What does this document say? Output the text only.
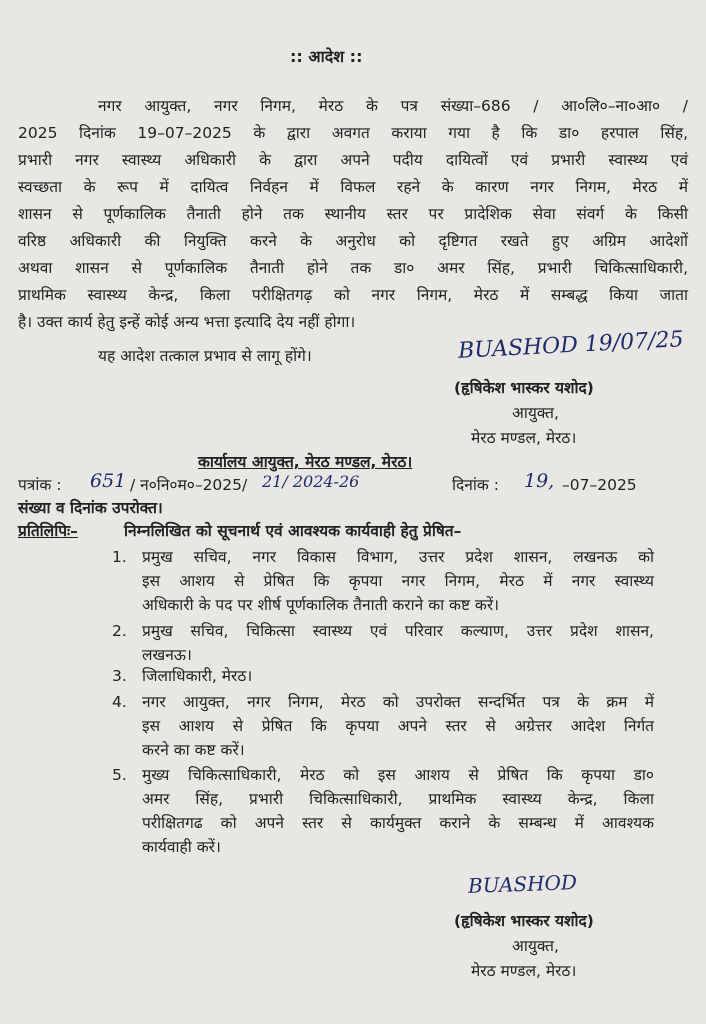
:: आदेश ::
नगर आयुक्त, नगर निगम, मेरठ के पत्र संख्या–686 / आ०लि०–ना०आ० /
2025 दिनांक 19–07–2025 के द्वारा अवगत कराया गया है कि डा० हरपाल सिंह,
प्रभारी नगर स्वास्थ्य अधिकारी के द्वारा अपने पदीय दायित्वों एवं प्रभारी स्वास्थ्य एवं
स्वच्छता के रूप में दायित्व निर्वहन में विफल रहने के कारण नगर निगम, मेरठ में
शासन से पूर्णकालिक तैनाती होने तक स्थानीय स्तर पर प्रादेशिक सेवा संवर्ग के किसी
वरिष्ठ अधिकारी की नियुक्ति करने के अनुरोध को दृष्टिगत रखते हुए अग्रिम आदेशों
अथवा शासन से पूर्णकालिक तैनाती होने तक डा० अमर सिंह, प्रभारी चिकित्साधिकारी,
प्राथमिक स्वास्थ्य केन्द्र, किला परीक्षितगढ़ को नगर निगम, मेरठ में सम्बद्ध किया जाता
है। उक्त कार्य हेतु इन्हें कोई अन्य भत्ता इत्यादि देय नहीं होगा।
यह आदेश तत्काल प्रभाव से लागू होंगे।	BUASHOD 19/07/25
(हृषिकेश भास्कर यशोद)
आयुक्त,
मेरठ मण्डल, मेरठ।
कार्यालय आयुक्त, मेरठ मण्डल, मेरठ।
पत्रांक : 651 / न०नि०म०–2025/ 21/ 2024-26	दिनांक : 19, –07–2025
संख्या व दिनांक उपरोक्त।
प्रतिलिपिः–	निम्नलिखित को सूचनार्थ एवं आवश्यक कार्यवाही हेतु प्रेषित–
1. प्रमुख सचिव, नगर विकास विभाग, उत्तर प्रदेश शासन, लखनऊ को
इस आशय से प्रेषित कि कृपया नगर निगम, मेरठ में नगर स्वास्थ्य
अधिकारी के पद पर शीर्ष पूर्णकालिक तैनाती कराने का कष्ट करें।
2. प्रमुख सचिव, चिकित्सा स्वास्थ्य एवं परिवार कल्याण, उत्तर प्रदेश शासन,
लखनऊ।
3. जिलाधिकारी, मेरठ।
4. नगर आयुक्त, नगर निगम, मेरठ को उपरोक्त सन्दर्भित पत्र के क्रम में
इस आशय से प्रेषित कि कृपया अपने स्तर से अग्रेत्तर आदेश निर्गत
करने का कष्ट करें।
5. मुख्य चिकित्साधिकारी, मेरठ को इस आशय से प्रेषित कि कृपया डा०
अमर सिंह, प्रभारी चिकित्साधिकारी, प्राथमिक स्वास्थ्य केन्द्र, किला
परीक्षितगढ को अपने स्तर से कार्यमुक्त कराने के सम्बन्ध में आवश्यक
कार्यवाही करें।
BUASHOD
(हृषिकेश भास्कर यशोद)
आयुक्त,
मेरठ मण्डल, मेरठ।
